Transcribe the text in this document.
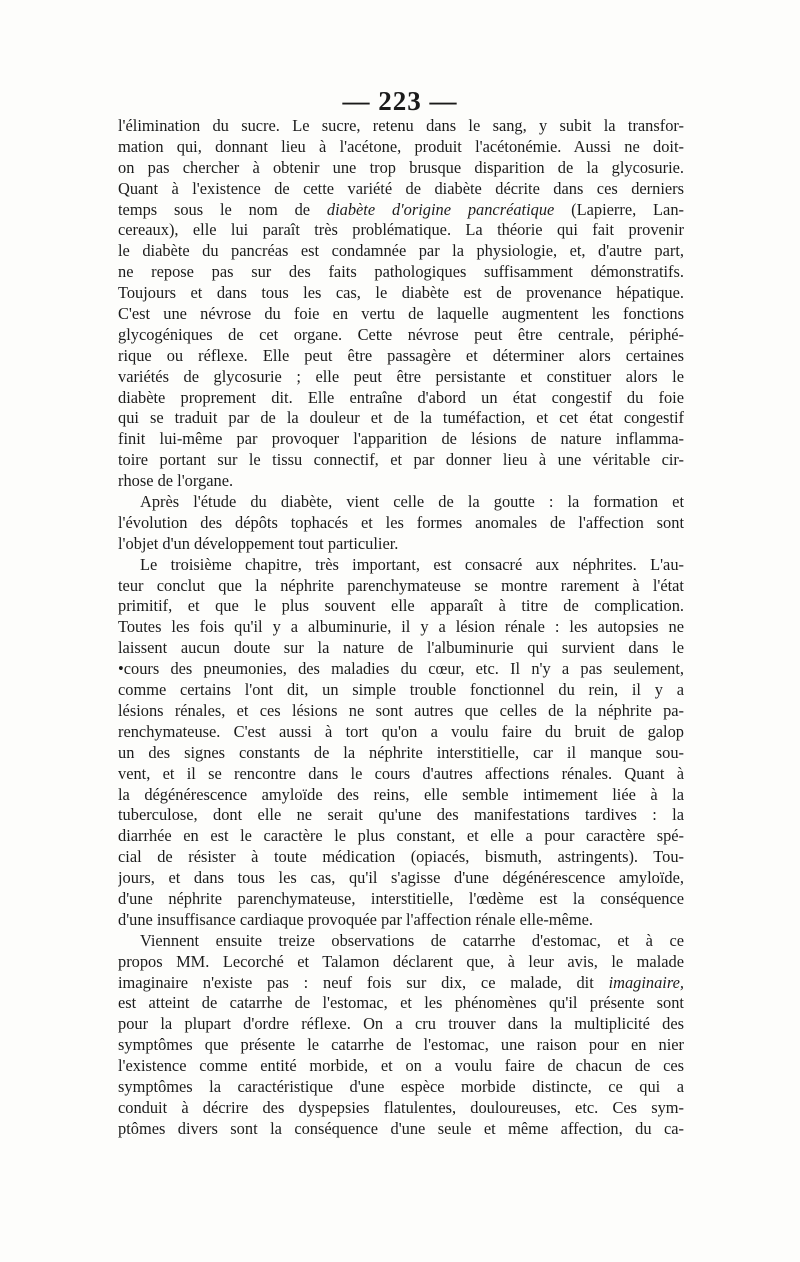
— 223 —
l'élimination du sucre. Le sucre, retenu dans le sang, y subit la transfor-
mation qui, donnant lieu à l'acétone, produit l'acétonémie. Aussi ne doit-
on pas chercher à obtenir une trop brusque disparition de la glycosurie.
Quant à l'existence de cette variété de diabète décrite dans ces derniers
temps sous le nom de diabète d'origine pancréatique (Lapierre, Lan-
cereaux), elle lui paraît très problématique. La théorie qui fait provenir
le diabète du pancréas est condamnée par la physiologie, et, d'autre part,
ne repose pas sur des faits pathologiques suffisamment démonstratifs.
Toujours et dans tous les cas, le diabète est de provenance hépatique.
C'est une névrose du foie en vertu de laquelle augmentent les fonctions
glycogéniques de cet organe. Cette névrose peut être centrale, périphé-
rique ou réflexe. Elle peut être passagère et déterminer alors certaines
variétés de glycosurie ; elle peut être persistante et constituer alors le
diabète proprement dit. Elle entraîne d'abord un état congestif du foie
qui se traduit par de la douleur et de la tuméfaction, et cet état congestif
finit lui-même par provoquer l'apparition de lésions de nature inflamma-
toire portant sur le tissu connectif, et par donner lieu à une véritable cir-
rhose de l'organe.
Après l'étude du diabète, vient celle de la goutte : la formation et
l'évolution des dépôts tophacés et les formes anomales de l'affection sont
l'objet d'un développement tout particulier.
Le troisième chapitre, très important, est consacré aux néphrites. L'au-
teur conclut que la néphrite parenchymateuse se montre rarement à l'état
primitif, et que le plus souvent elle apparaît à titre de complication.
Toutes les fois qu'il y a albuminurie, il y a lésion rénale : les autopsies ne
laissent aucun doute sur la nature de l'albuminurie qui survient dans le
•cours des pneumonies, des maladies du cœur, etc. Il n'y a pas seulement,
comme certains l'ont dit, un simple trouble fonctionnel du rein, il y a
lésions rénales, et ces lésions ne sont autres que celles de la néphrite pa-
renchymateuse. C'est aussi à tort qu'on a voulu faire du bruit de galop
un des signes constants de la néphrite interstitielle, car il manque sou-
vent, et il se rencontre dans le cours d'autres affections rénales. Quant à
la dégénérescence amyloïde des reins, elle semble intimement liée à la
tuberculose, dont elle ne serait qu'une des manifestations tardives : la
diarrhée en est le caractère le plus constant, et elle a pour caractère spé-
cial de résister à toute médication (opiacés, bismuth, astringents). Tou-
jours, et dans tous les cas, qu'il s'agisse d'une dégénérescence amyloïde,
d'une néphrite parenchymateuse, interstitielle, l'œdème est la conséquence
d'une insuffisance cardiaque provoquée par l'affection rénale elle-même.
Viennent ensuite treize observations de catarrhe d'estomac, et à ce
propos MM. Lecorché et Talamon déclarent que, à leur avis, le malade
imaginaire n'existe pas : neuf fois sur dix, ce malade, dit imaginaire,
est atteint de catarrhe de l'estomac, et les phénomènes qu'il présente sont
pour la plupart d'ordre réflexe. On a cru trouver dans la multiplicité des
symptômes que présente le catarrhe de l'estomac, une raison pour en nier
l'existence comme entité morbide, et on a voulu faire de chacun de ces
symptômes la caractéristique d'une espèce morbide distincte, ce qui a
conduit à décrire des dyspepsies flatulentes, douloureuses, etc. Ces sym-
ptômes divers sont la conséquence d'une seule et même affection, du ca-
